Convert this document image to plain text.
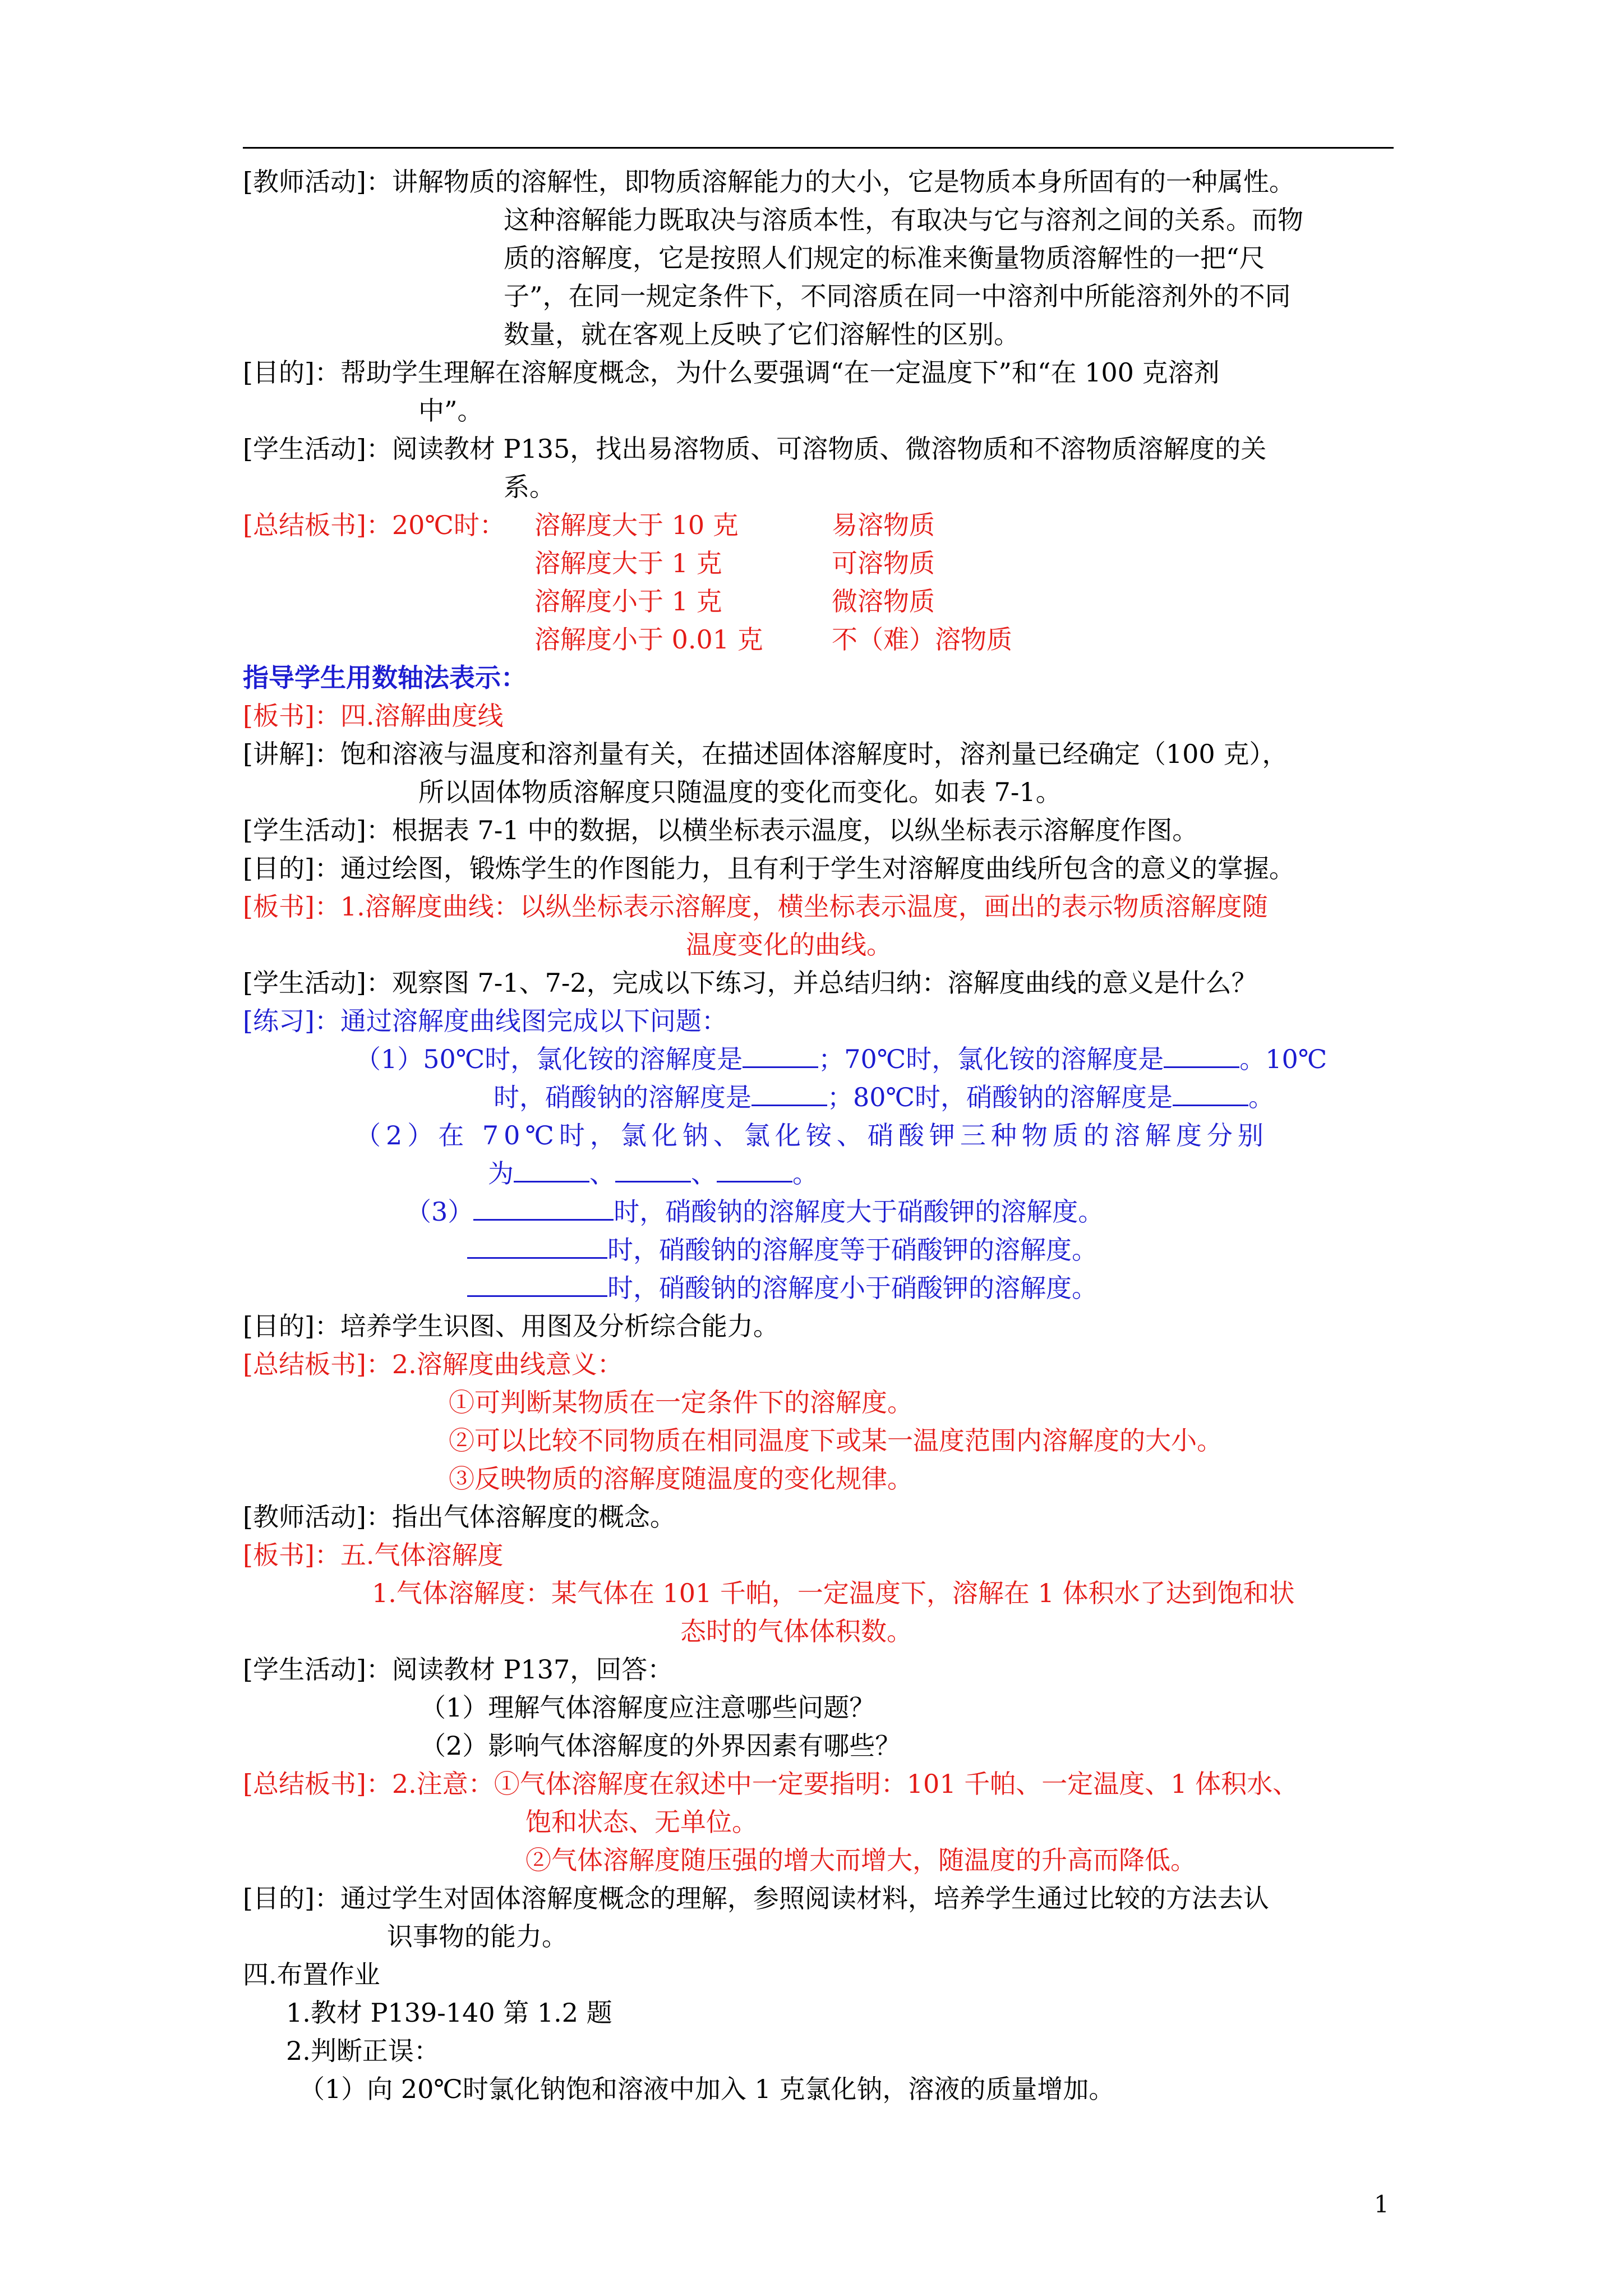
[教师活动]：讲解物质的溶解性，即物质溶解能力的大小，它是物质本身所固有的一种属性。
这种溶解能力既取决与溶质本性，有取决与它与溶剂之间的关系。而物
质的溶解度，它是按照人们规定的标准来衡量物质溶解性的一把“尺
子”，在同一规定条件下，不同溶质在同一中溶剂中所能溶剂外的不同
数量，就在客观上反映了它们溶解性的区别。
[目的]：帮助学生理解在溶解度概念，为什么要强调“在一定温度下”和“在 100 克溶剂
中”。
[学生活动]：阅读教材 P135，找出易溶物质、可溶物质、微溶物质和不溶物质溶解度的关
系。
[总结板书]：20℃时：	溶解度大于 10 克	易溶物质
溶解度大于 1 克	可溶物质
溶解度小于 1 克	微溶物质
溶解度小于 0.01 克	不（难）溶物质
指导学生用数轴法表示：
[板书]：四.溶解曲度线
[讲解]：饱和溶液与温度和溶剂量有关，在描述固体溶解度时，溶剂量已经确定（100 克），
所以固体物质溶解度只随温度的变化而变化。如表 7-1。
[学生活动]：根据表 7-1 中的数据，以横坐标表示温度，以纵坐标表示溶解度作图。
[目的]：通过绘图，锻炼学生的作图能力，且有利于学生对溶解度曲线所包含的意义的掌握。
[板书]：1.溶解度曲线：以纵坐标表示溶解度，横坐标表示温度，画出的表示物质溶解度随
温度变化的曲线。
[学生活动]：观察图 7-1、7-2，完成以下练习，并总结归纳：溶解度曲线的意义是什么？
[练习]：通过溶解度曲线图完成以下问题：
（1）50℃时，氯化铵的溶解度是	；70℃时，氯化铵的溶解度是	。10℃
时，硝酸钠的溶解度是	；80℃时，硝酸钠的溶解度是	。
（2）在 70℃时，氯化钠、氯化铵、硝酸钾三种物质的溶解度分别
为	、	、	。
（3）	时，硝酸钠的溶解度大于硝酸钾的溶解度。
时，硝酸钠的溶解度等于硝酸钾的溶解度。
时，硝酸钠的溶解度小于硝酸钾的溶解度。
[目的]：培养学生识图、用图及分析综合能力。
[总结板书]：2.溶解度曲线意义：
①可判断某物质在一定条件下的溶解度。
②可以比较不同物质在相同温度下或某一温度范围内溶解度的大小。
③反映物质的溶解度随温度的变化规律。
[教师活动]：指出气体溶解度的概念。
[板书]：五.气体溶解度
1.气体溶解度：某气体在 101 千帕，一定温度下，溶解在 1 体积水了达到饱和状
态时的气体体积数。
[学生活动]：阅读教材 P137，回答：
（1）理解气体溶解度应注意哪些问题？
（2）影响气体溶解度的外界因素有哪些？
[总结板书]：2.注意：①气体溶解度在叙述中一定要指明：101 千帕、一定温度、1 体积水、
饱和状态、无单位。
②气体溶解度随压强的增大而增大，随温度的升高而降低。
[目的]：通过学生对固体溶解度概念的理解，参照阅读材料，培养学生通过比较的方法去认
识事物的能力。
四.布置作业
1.教材 P139-140 第 1.2 题
2.判断正误：
（1）向 20℃时氯化钠饱和溶液中加入 1 克氯化钠，溶液的质量增加。
1
